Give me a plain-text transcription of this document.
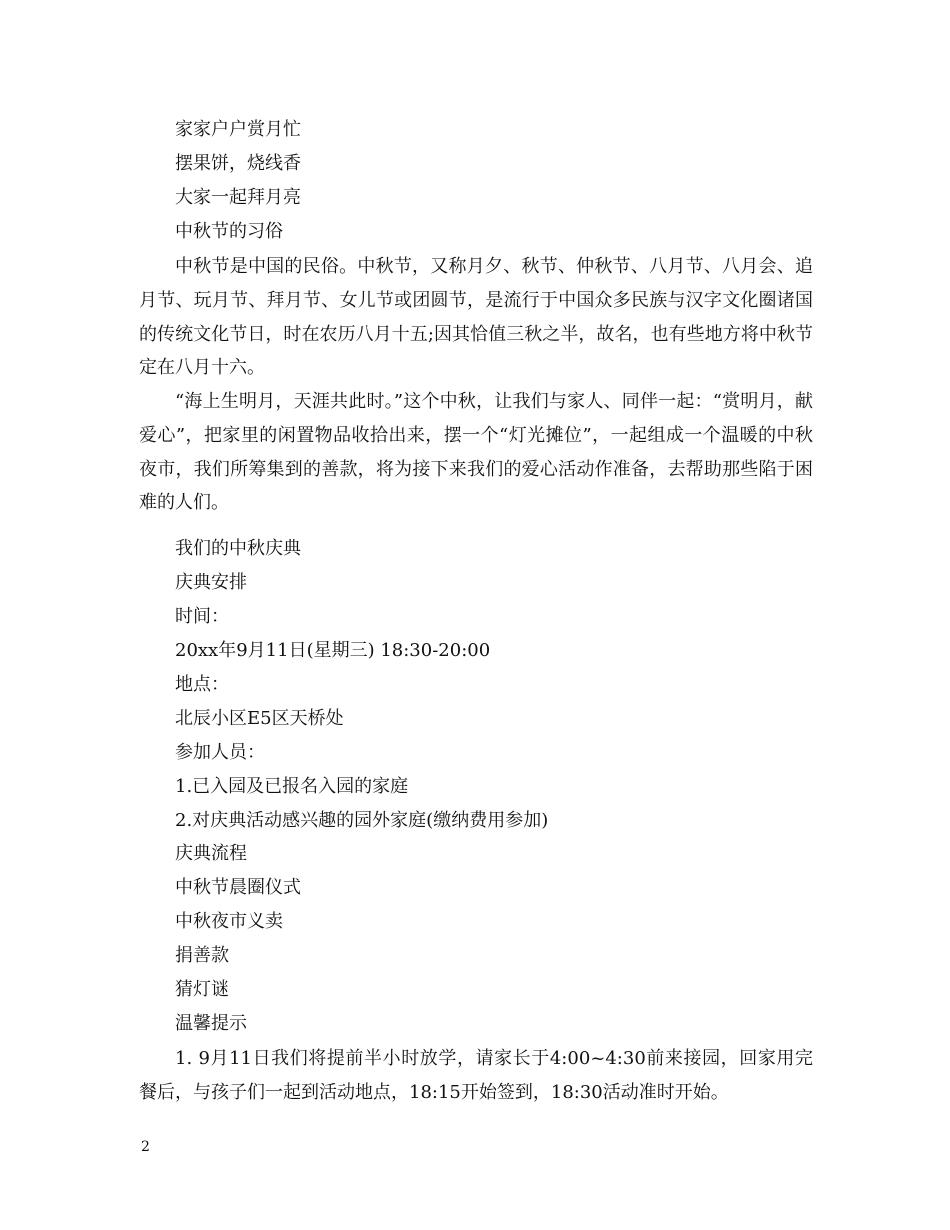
家家户户赏月忙
摆果饼，烧线香
大家一起拜月亮
中秋节的习俗
中秋节是中国的民俗。中秋节，又称月夕、秋节、仲秋节、八月节、八月会、追月节、玩月节、拜月节、女儿节或团圆节，是流行于中国众多民族与汉字文化圈诸国的传统文化节日，时在农历八月十五;因其恰值三秋之半，故名，也有些地方将中秋节定在八月十六。
“海上生明月，天涯共此时。”这个中秋，让我们与家人、同伴一起：“赏明月，献爱心”，把家里的闲置物品收拾出来，摆一个“灯光摊位”，一起组成一个温暖的中秋夜市，我们所筹集到的善款，将为接下来我们的爱心活动作准备，去帮助那些陷于困难的人们。
我们的中秋庆典
庆典安排
时间：
20xx年9月11日(星期三) 18:30-20:00
地点：
北辰小区E5区天桥处
参加人员：
1.已入园及已报名入园的家庭
2.对庆典活动感兴趣的园外家庭(缴纳费用参加)
庆典流程
中秋节晨圈仪式
中秋夜市义卖
捐善款
猜灯谜
温馨提示
1. 9月11日我们将提前半小时放学，请家长于4:00~4:30前来接园，回家用完餐后，与孩子们一起到活动地点，18:15开始签到，18:30活动准时开始。
2
